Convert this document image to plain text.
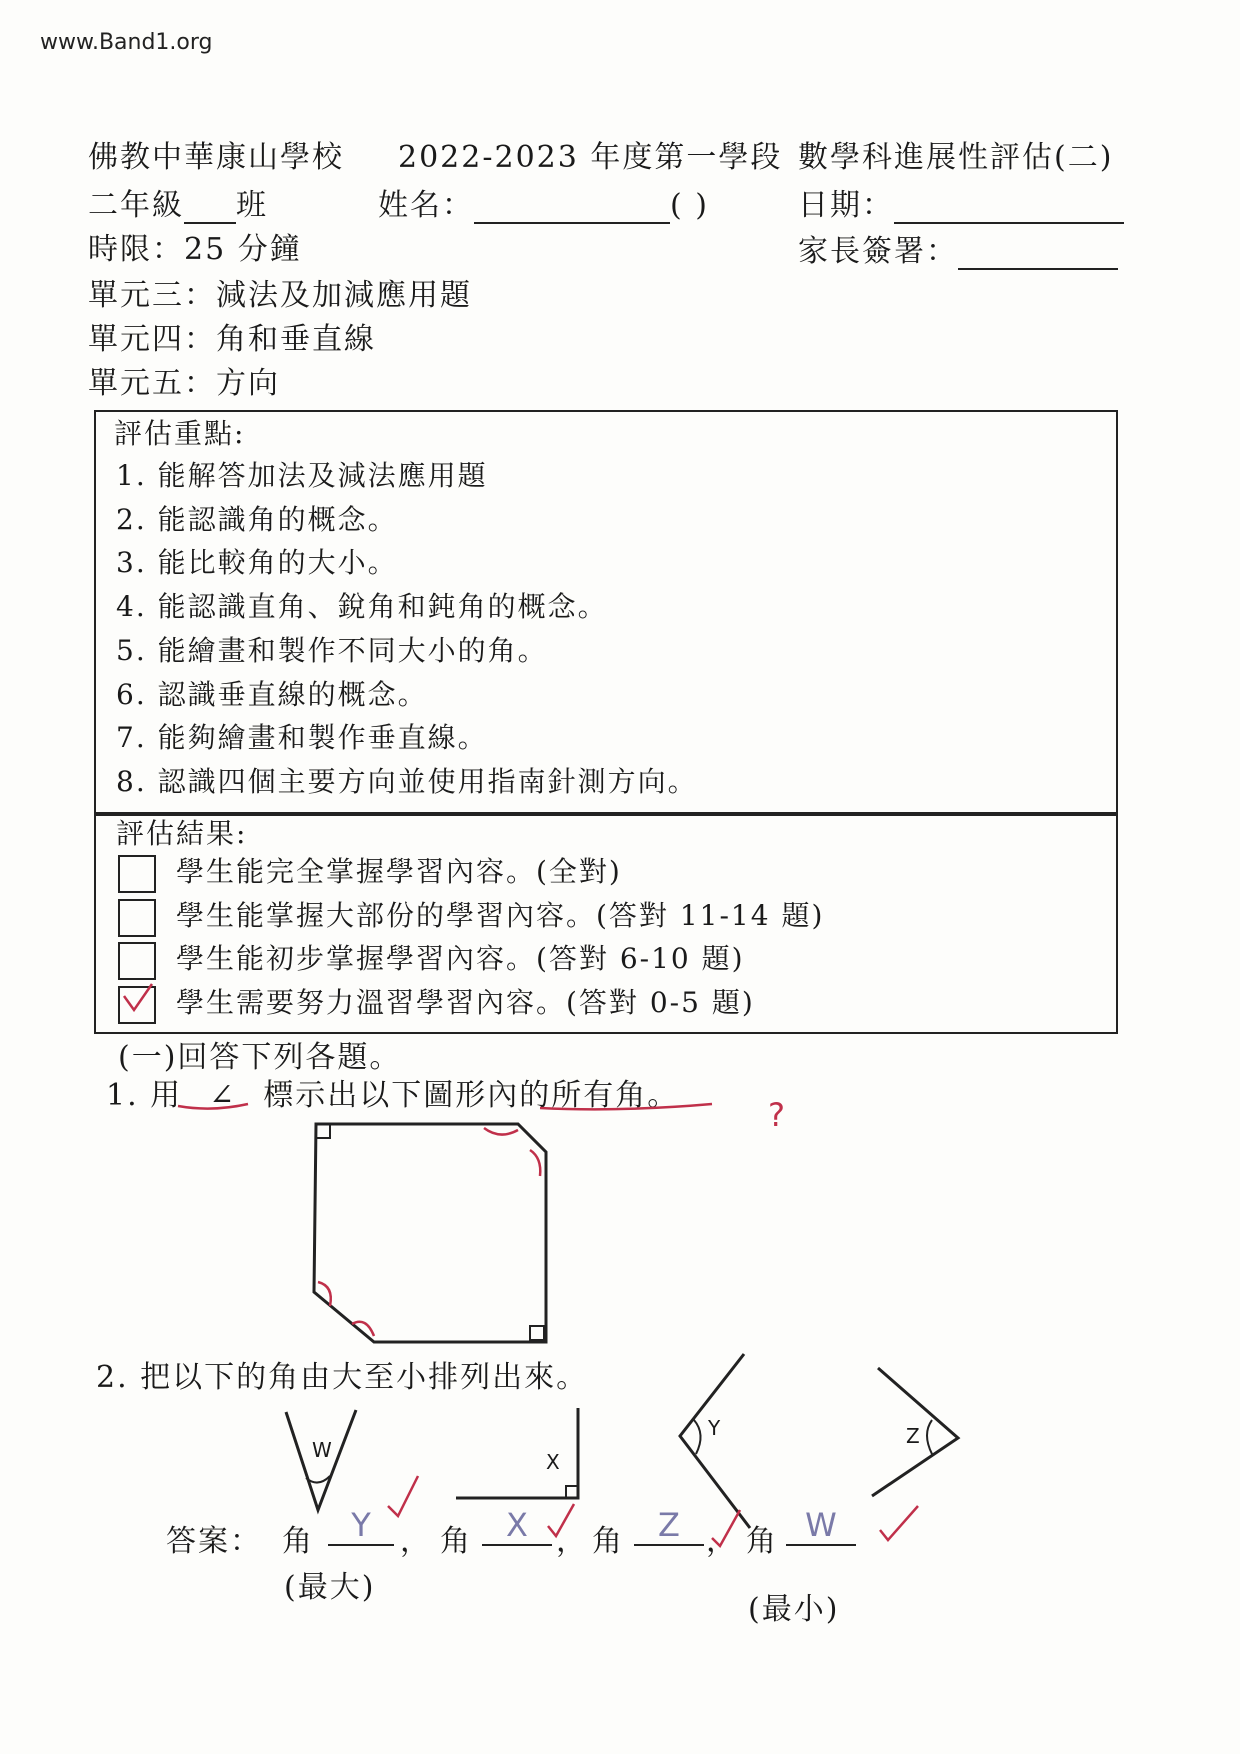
www.Band1.org
佛教中華康山學校 2022-2023 年度第一學段 數學科進展性評估(二)
二年級 班	姓名：	( )	日期：
時限：25 分鐘	家長簽署：
單元三：減法及加減應用題
單元四：角和垂直線
單元五：方向
評估重點:
1. 能解答加法及減法應用題
2. 能認識角的概念。
3. 能比較角的大小。
4. 能認識直角、銳角和鈍角的概念。
5. 能繪畫和製作不同大小的角。
6. 認識垂直線的概念。
7. 能夠繪畫和製作垂直線。
8. 認識四個主要方向並使用指南針測方向。
評估結果:
學生能完全掌握學習內容。(全對)
學生能掌握大部份的學習內容。(答對 11-14 題)
學生能初步掌握學習內容。(答對 6-10 題)
學生需要努力溫習學習內容。(答對 0-5 題)
(一)回答下列各題。
1. 用 ∠ 標示出以下圖形內的所有角。
?
2. 把以下的角由大至小排列出來。
W	X
Y	Z
答案： 角	Y ， 角	X ， 角	Z ， 角 W
(最大)
(最小)
